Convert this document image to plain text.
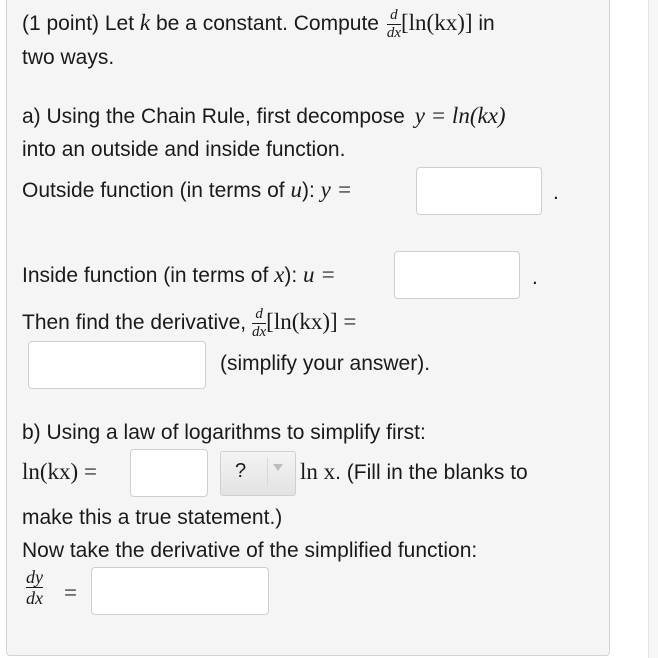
(1 point) Let k be a constant. Compute $\frac{d}{dx} [\ln(kx)]$ in
two ways.
a) Using the Chain Rule, first decompose y = ln(kx)
into an outside and inside function.
Outside function (in terms of u): y =	.
Inside function (in terms of x): u =	.
Then find the derivative, $\frac{d}{dx} [\ln(kx)]$ =
(simplify your answer).
b) Using a law of logarithms to simplify first:
ln(kx) =	? ln x. (Fill in the blanks to
make this a true statement.)
Now take the derivative of the simplified function:
$\frac{dy}{dx}$ =
